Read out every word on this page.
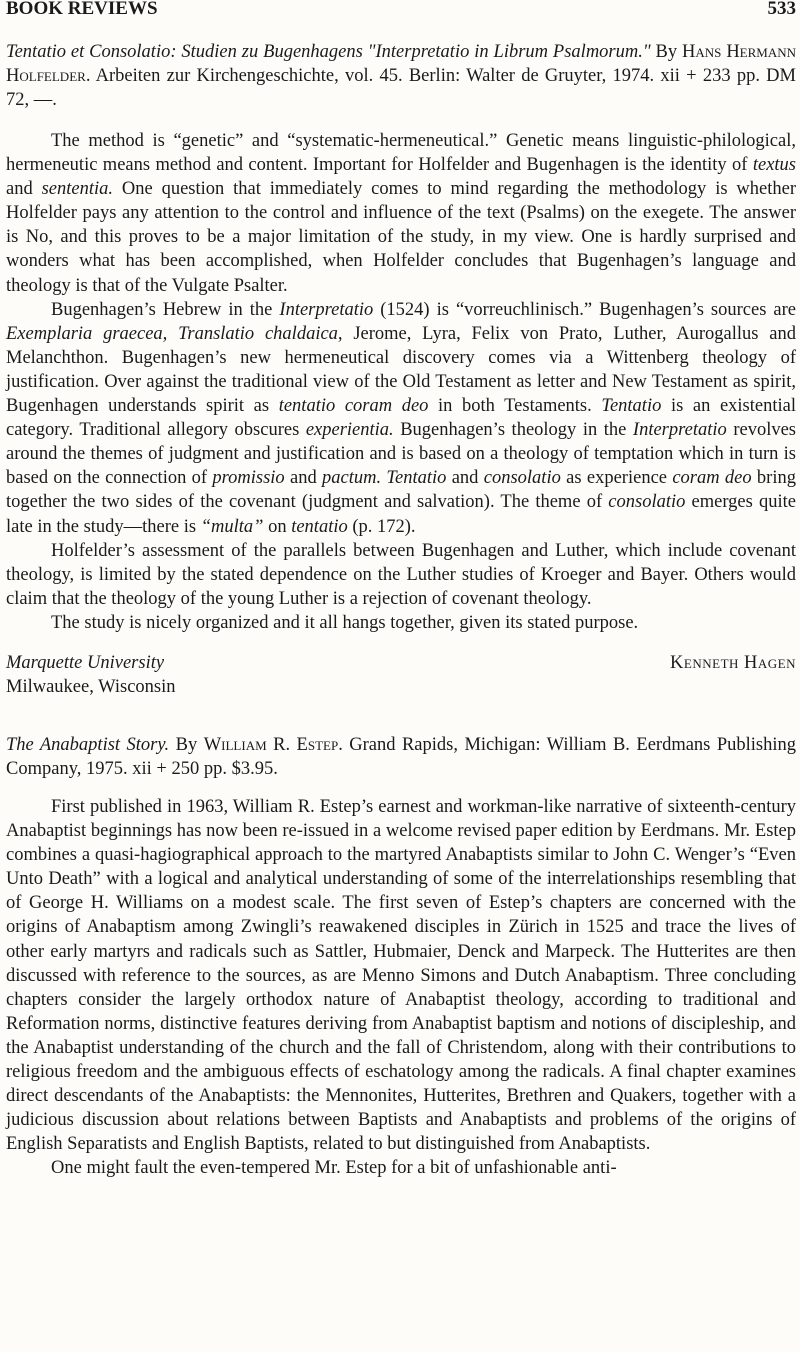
BOOK REVIEWS	533
Tentatio et Consolatio: Studien zu Bugenhagens "Interpretatio in Librum Psalmorum." By Hans Hermann Holfelder. Arbeiten zur Kirchengeschichte, vol. 45. Berlin: Walter de Gruyter, 1974. xii + 233 pp. DM 72, —.

The method is “genetic” and “systematic-hermeneutical.” Genetic means linguistic-philological, hermeneutic means method and content. Important for Holfelder and Bugenhagen is the identity of textus and sententia. One question that immediately comes to mind regarding the methodology is whether Holfelder pays any attention to the control and influence of the text (Psalms) on the exegete. The answer is No, and this proves to be a major limitation of the study, in my view. One is hardly surprised and wonders what has been accomplished, when Holfelder concludes that Bugenhagen’s language and theology is that of the Vulgate Psalter.

Bugenhagen’s Hebrew in the Interpretatio (1524) is “vorreuchlinisch.” Bugenhagen’s sources are Exemplaria graecea, Translatio chaldaica, Jerome, Lyra, Felix von Prato, Luther, Aurogallus and Melanchthon. Bugenhagen’s new hermeneutical discovery comes via a Wittenberg theology of justification. Over against the traditional view of the Old Testament as letter and New Testament as spirit, Bugenhagen understands spirit as tentatio coram deo in both Testaments. Tentatio is an existential category. Traditional allegory obscures experientia. Bugenhagen’s theology in the Interpretatio revolves around the themes of judgment and justification and is based on a theology of temptation which in turn is based on the connection of promissio and pactum. Tentatio and consolatio as experience coram deo bring together the two sides of the covenant (judgment and salvation). The theme of consolatio emerges quite late in the study—there is “multa” on tentatio (p. 172).

Holfelder’s assessment of the parallels between Bugenhagen and Luther, which include covenant theology, is limited by the stated dependence on the Luther studies of Kroeger and Bayer. Others would claim that the theology of the young Luther is a rejection of covenant theology.

The study is nicely organized and it all hangs together, given its stated purpose.

Marquette University	Kenneth Hagen
Milwaukee, Wisconsin
The Anabaptist Story. By William R. Estep. Grand Rapids, Michigan: William B. Eerdmans Publishing Company, 1975. xii + 250 pp. $3.95.

First published in 1963, William R. Estep’s earnest and workman-like narrative of sixteenth-century Anabaptist beginnings has now been re-issued in a welcome revised paper edition by Eerdmans. Mr. Estep combines a quasi-hagiographical approach to the martyred Anabaptists similar to John C. Wenger’s “Even Unto Death” with a logical and analytical understanding of some of the interrelationships resembling that of George H. Williams on a modest scale. The first seven of Estep’s chapters are concerned with the origins of Anabaptism among Zwingli’s reawakened disciples in Zürich in 1525 and trace the lives of other early martyrs and radicals such as Sattler, Hubmaier, Denck and Marpeck. The Hutterites are then discussed with reference to the sources, as are Menno Simons and Dutch Anabaptism. Three concluding chapters consider the largely orthodox nature of Anabaptist theology, according to traditional and Reformation norms, distinctive features deriving from Anabaptist baptism and notions of discipleship, and the Anabaptist understanding of the church and the fall of Christendom, along with their contributions to religious freedom and the ambiguous effects of eschatology among the radicals. A final chapter examines direct descendants of the Anabaptists: the Mennonites, Hutterites, Brethren and Quakers, together with a judicious discussion about relations between Baptists and Anabaptists and problems of the origins of English Separatists and English Baptists, related to but distinguished from Anabaptists.

One might fault the even-tempered Mr. Estep for a bit of unfashionable anti-
